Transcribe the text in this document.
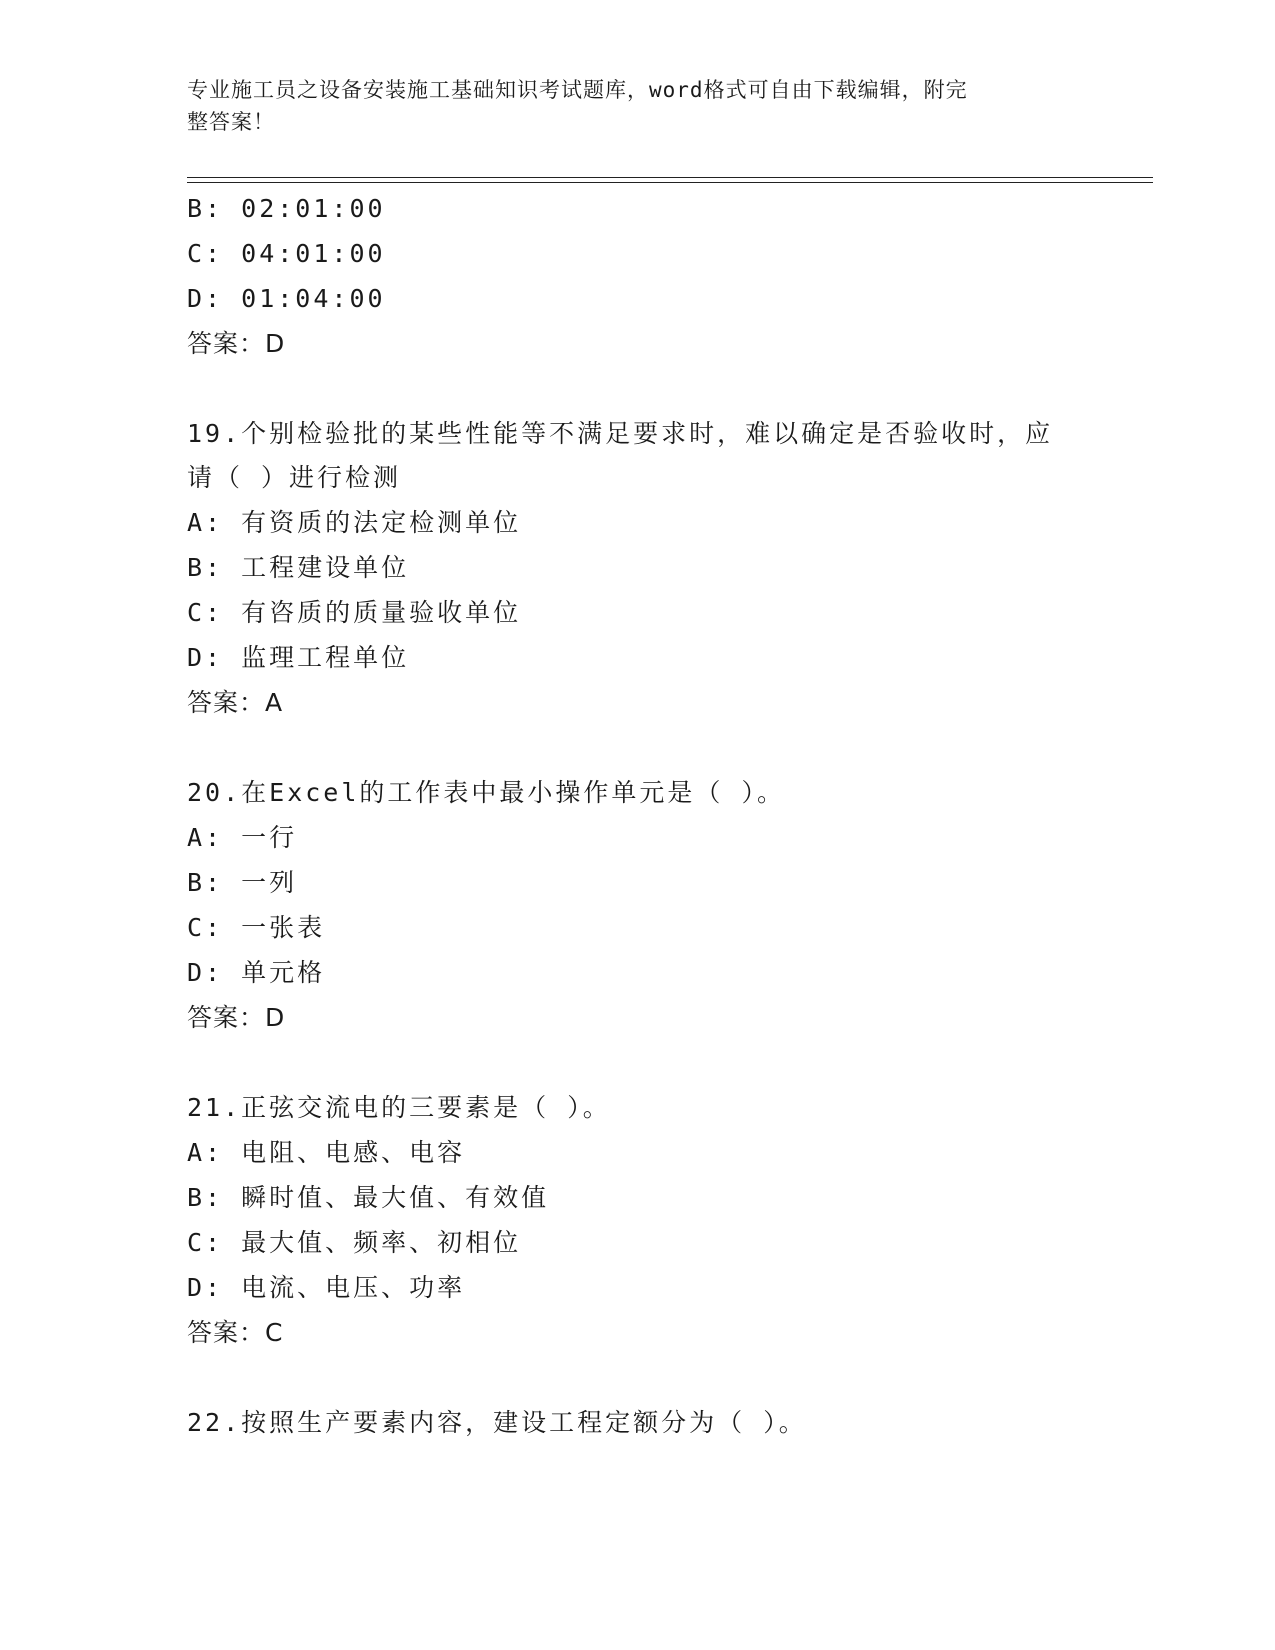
专业施工员之设备安装施工基础知识考试题库，word格式可自由下载编辑，附完
整答案！
B: 02:01:00
C: 04:01:00
D: 01:04:00
答案：D
19.个别检验批的某些性能等不满足要求时，难以确定是否验收时，应
请（ ）进行检测
A: 有资质的法定检测单位
B: 工程建设单位
C: 有咨质的质量验收单位
D: 监理工程单位
答案：A
20.在Excel的工作表中最小操作单元是（ ）。
A: 一行
B: 一列
C: 一张表
D: 单元格
答案：D
21.正弦交流电的三要素是（ ）。
A: 电阻、电感、电容
B: 瞬时值、最大值、有效值
C: 最大值、频率、初相位
D: 电流、电压、功率
答案：C
22.按照生产要素内容，建设工程定额分为（ ）。
